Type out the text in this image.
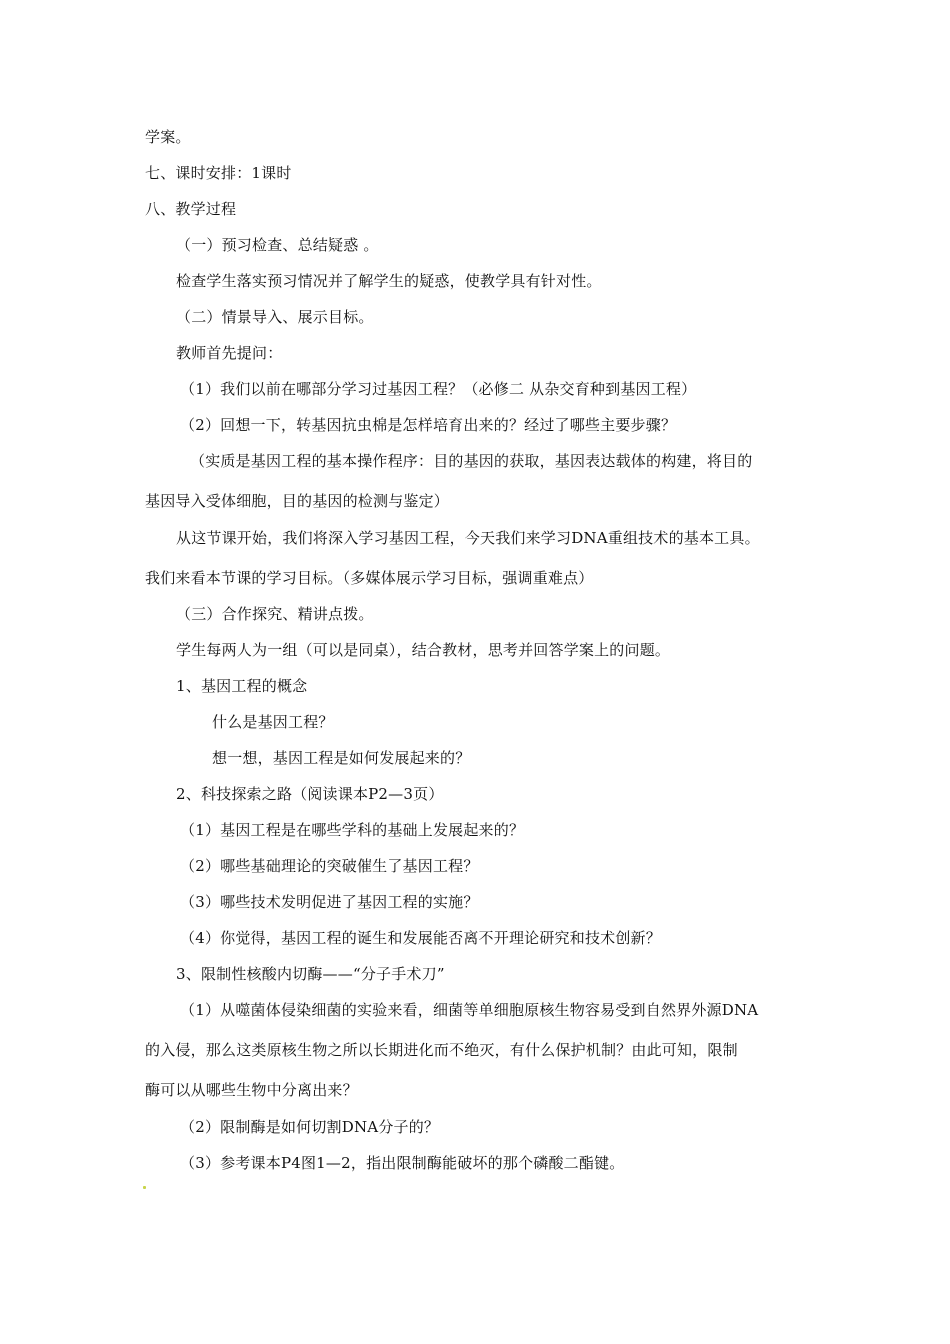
学案。
七、课时安排：1课时
八、教学过程
（一）预习检查、总结疑惑 。
检查学生落实预习情况并了解学生的疑惑，使教学具有针对性。
（二）情景导入、展示目标。
教师首先提问：
（1）我们以前在哪部分学习过基因工程？（必修二 从杂交育种到基因工程）
（2）回想一下，转基因抗虫棉是怎样培育出来的？经过了哪些主要步骤？
（实质是基因工程的基本操作程序：目的基因的获取，基因表达载体的构建，将目的
基因导入受体细胞，目的基因的检测与鉴定）
从这节课开始，我们将深入学习基因工程，今天我们来学习DNA重组技术的基本工具。
我们来看本节课的学习目标。（多媒体展示学习目标，强调重难点）
（三）合作探究、精讲点拨。
学生每两人为一组（可以是同桌），结合教材，思考并回答学案上的问题。
1、基因工程的概念
什么是基因工程？
想一想，基因工程是如何发展起来的？
2、科技探索之路（阅读课本P2—3页）
（1）基因工程是在哪些学科的基础上发展起来的？
（2）哪些基础理论的突破催生了基因工程？
（3）哪些技术发明促进了基因工程的实施？
（4）你觉得，基因工程的诞生和发展能否离不开理论研究和技术创新？
3、限制性核酸内切酶——“分子手术刀”
（1）从噬菌体侵染细菌的实验来看，细菌等单细胞原核生物容易受到自然界外源DNA
的入侵，那么这类原核生物之所以长期进化而不绝灭，有什么保护机制？由此可知，限制
酶可以从哪些生物中分离出来？
（2）限制酶是如何切割DNA分子的？
（3）参考课本P4图1—2，指出限制酶能破坏的那个磷酸二酯键。
